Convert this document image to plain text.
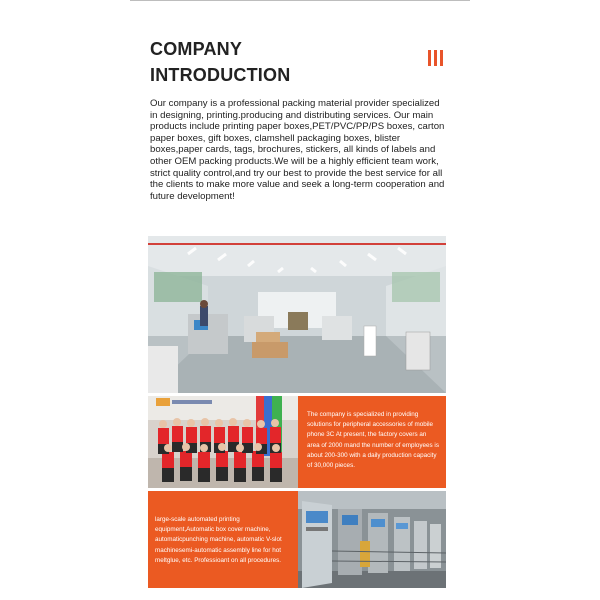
COMPANY
INTRODUCTION

Our company is a professional packing material provider specialized in designing, printing.producing and distributing services. Our main products include printing paper boxes,PET/PVC/PP/PS boxes, carton paper boxes, gift boxes, clamshell packaging boxes, blister boxes,paper cards, tags, brochures, stickers, all kinds of labels and other OEM packing products.We will be a highly efficient team work, strict quality control,and try our best to provide the best service for all the clients to make more value and seek a long-term cooperation and future development!

The company is specialized in providing solutions for peripheral accessories of mobile phone 3C At present, the factory covers an area of 2000 mand the number of employees is about 200-300 with a daily production capacity of 30,000 pieces.
large-scale automated printing equipment,Automatic box cover machine, automaticpunching machine, automatic V-slot machinesemi-automatic assembly line for hot meltglue, etc. Professioant on all procedures.
